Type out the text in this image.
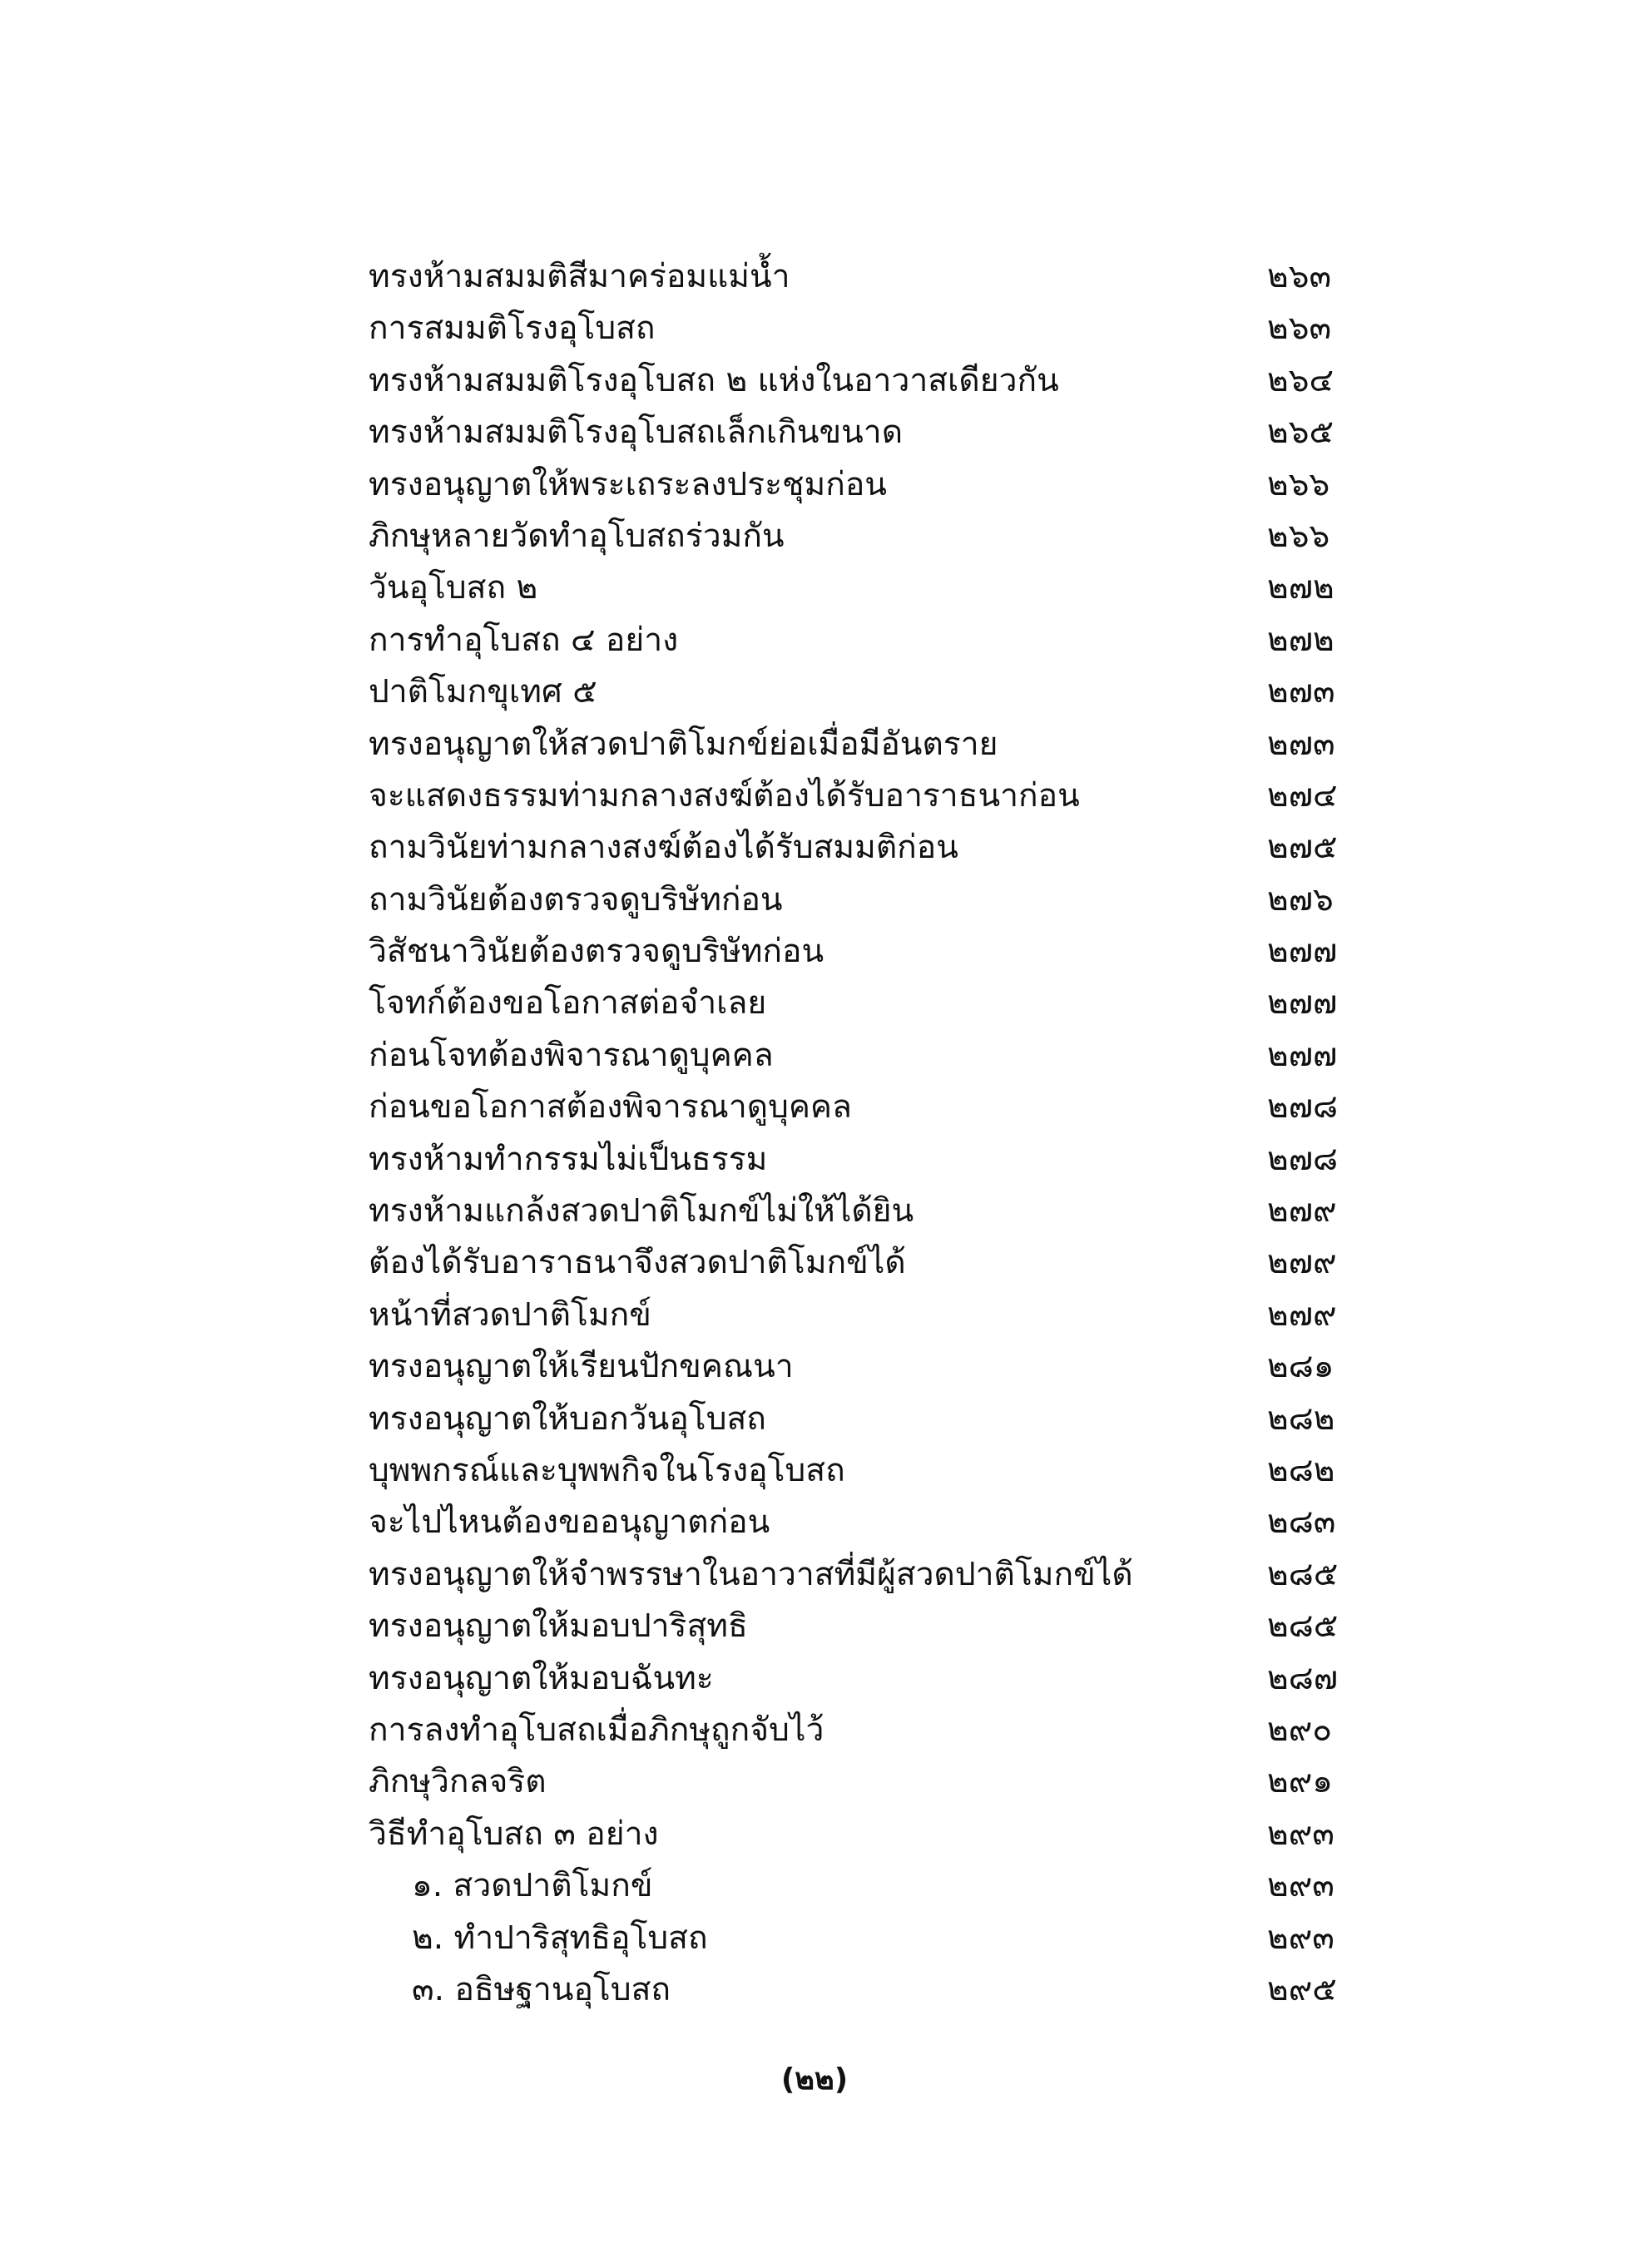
ทรงห้ามสมมติสีมาคร่อมแม่น้ำ	๒๖๓
การสมมติโรงอุโบสถ	๒๖๓
ทรงห้ามสมมติโรงอุโบสถ ๒ แห่งในอาวาสเดียวกัน	๒๖๔
ทรงห้ามสมมติโรงอุโบสถเล็กเกินขนาด	๒๖๕
ทรงอนุญาตให้พระเถระลงประชุมก่อน	๒๖๖
ภิกษุหลายวัดทำอุโบสถร่วมกัน	๒๖๖
วันอุโบสถ ๒	๒๗๒
การทำอุโบสถ ๔ อย่าง	๒๗๒
ปาติโมกขุเทศ ๕	๒๗๓
ทรงอนุญาตให้สวดปาติโมกข์ย่อเมื่อมีอันตราย	๒๗๓
จะแสดงธรรมท่ามกลางสงฆ์ต้องได้รับอาราธนาก่อน	๒๗๔
ถามวินัยท่ามกลางสงฆ์ต้องได้รับสมมติก่อน	๒๗๕
ถามวินัยต้องตรวจดูบริษัทก่อน	๒๗๖
วิสัชนาวินัยต้องตรวจดูบริษัทก่อน	๒๗๗
โจทก์ต้องขอโอกาสต่อจำเลย	๒๗๗
ก่อนโจทต้องพิจารณาดูบุคคล	๒๗๗
ก่อนขอโอกาสต้องพิจารณาดูบุคคล	๒๗๘
ทรงห้ามทำกรรมไม่เป็นธรรม	๒๗๘
ทรงห้ามแกล้งสวดปาติโมกข์ไม่ให้ได้ยิน	๒๗๙
ต้องได้รับอาราธนาจึงสวดปาติโมกข์ได้	๒๗๙
หน้าที่สวดปาติโมกข์	๒๗๙
ทรงอนุญาตให้เรียนปักขคณนา	๒๘๑
ทรงอนุญาตให้บอกวันอุโบสถ	๒๘๒
บุพพกรณ์และบุพพกิจในโรงอุโบสถ	๒๘๒
จะไปไหนต้องขออนุญาตก่อน	๒๘๓
ทรงอนุญาตให้จำพรรษาในอาวาสที่มีผู้สวดปาติโมกข์ได้	๒๘๕
ทรงอนุญาตให้มอบปาริสุทธิ	๒๘๕
ทรงอนุญาตให้มอบฉันทะ	๒๘๗
การลงทำอุโบสถเมื่อภิกษุถูกจับไว้	๒๙๐
ภิกษุวิกลจริต	๒๙๑
วิธีทำอุโบสถ ๓ อย่าง	๒๙๓
๑. สวดปาติโมกข์	๒๙๓
๒. ทำปาริสุทธิอุโบสถ	๒๙๓
๓. อธิษฐานอุโบสถ	๒๙๕
(๒๒)
